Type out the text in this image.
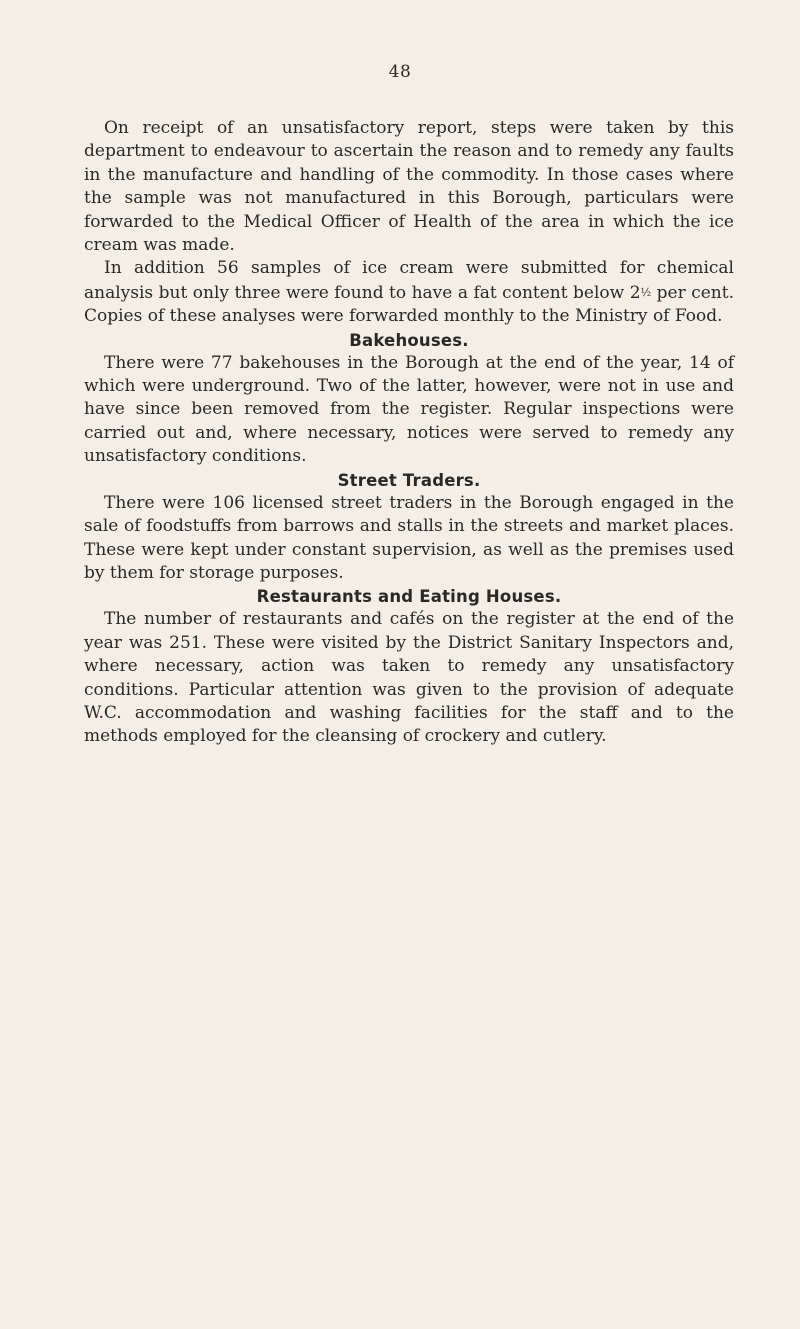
48

On receipt of an unsatisfactory report, steps were taken by this department to endeavour to ascertain the reason and to remedy any faults in the manufacture and handling of the commodity. In those cases where the sample was not manufactured in this Borough, particulars were forwarded to the Medical Officer of Health of the area in which the ice cream was made.

In addition 56 samples of ice cream were submitted for chemical analysis but only three were found to have a fat content below 2½ per cent. Copies of these analyses were forwarded monthly to the Ministry of Food.

Bakehouses.

There were 77 bakehouses in the Borough at the end of the year, 14 of which were underground. Two of the latter, however, were not in use and have since been removed from the register. Regular inspections were carried out and, where necessary, notices were served to remedy any unsatisfactory conditions.

Street Traders.

There were 106 licensed street traders in the Borough engaged in the sale of foodstuffs from barrows and stalls in the streets and market places. These were kept under constant supervision, as well as the premises used by them for storage purposes.

Restaurants and Eating Houses.

The number of restaurants and cafés on the register at the end of the year was 251. These were visited by the District Sanitary Inspectors and, where necessary, action was taken to remedy any unsatisfactory conditions. Particular attention was given to the provision of adequate W.C. accommodation and washing facilities for the staff and to the methods employed for the cleansing of crockery and cutlery.
